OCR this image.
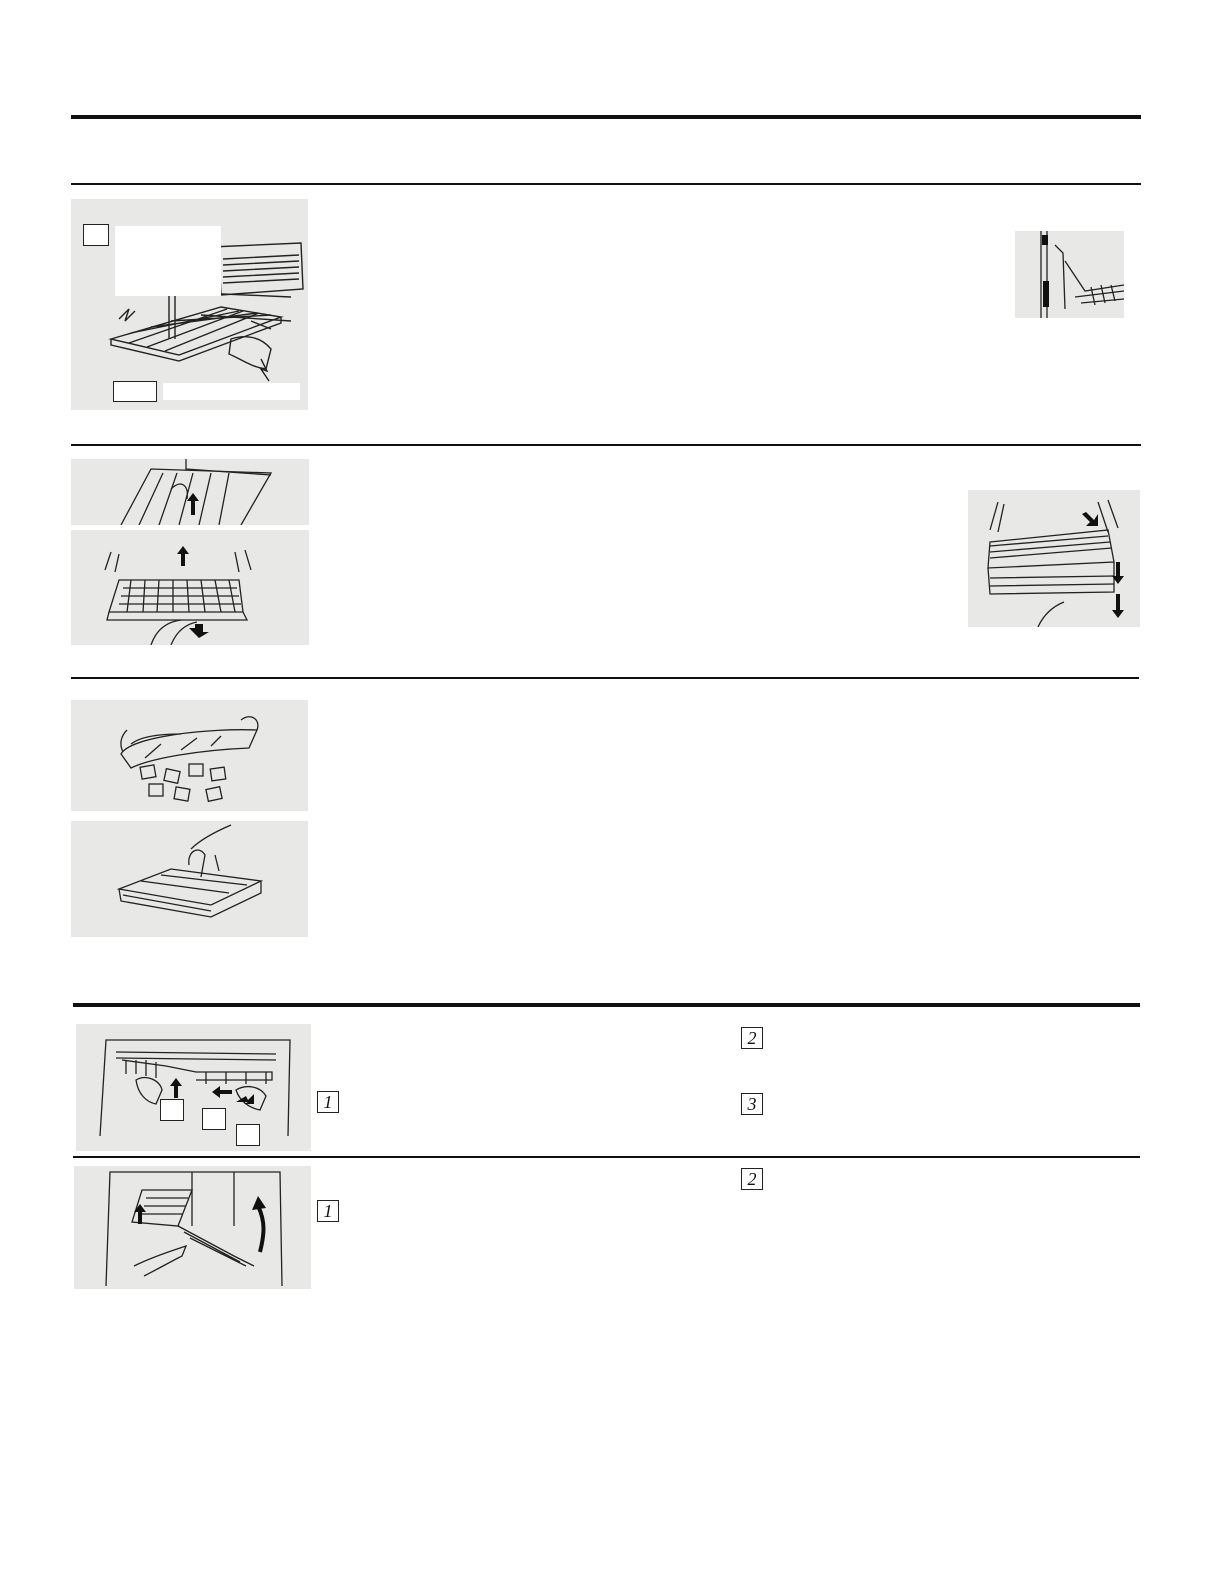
1
2
3
1
2
